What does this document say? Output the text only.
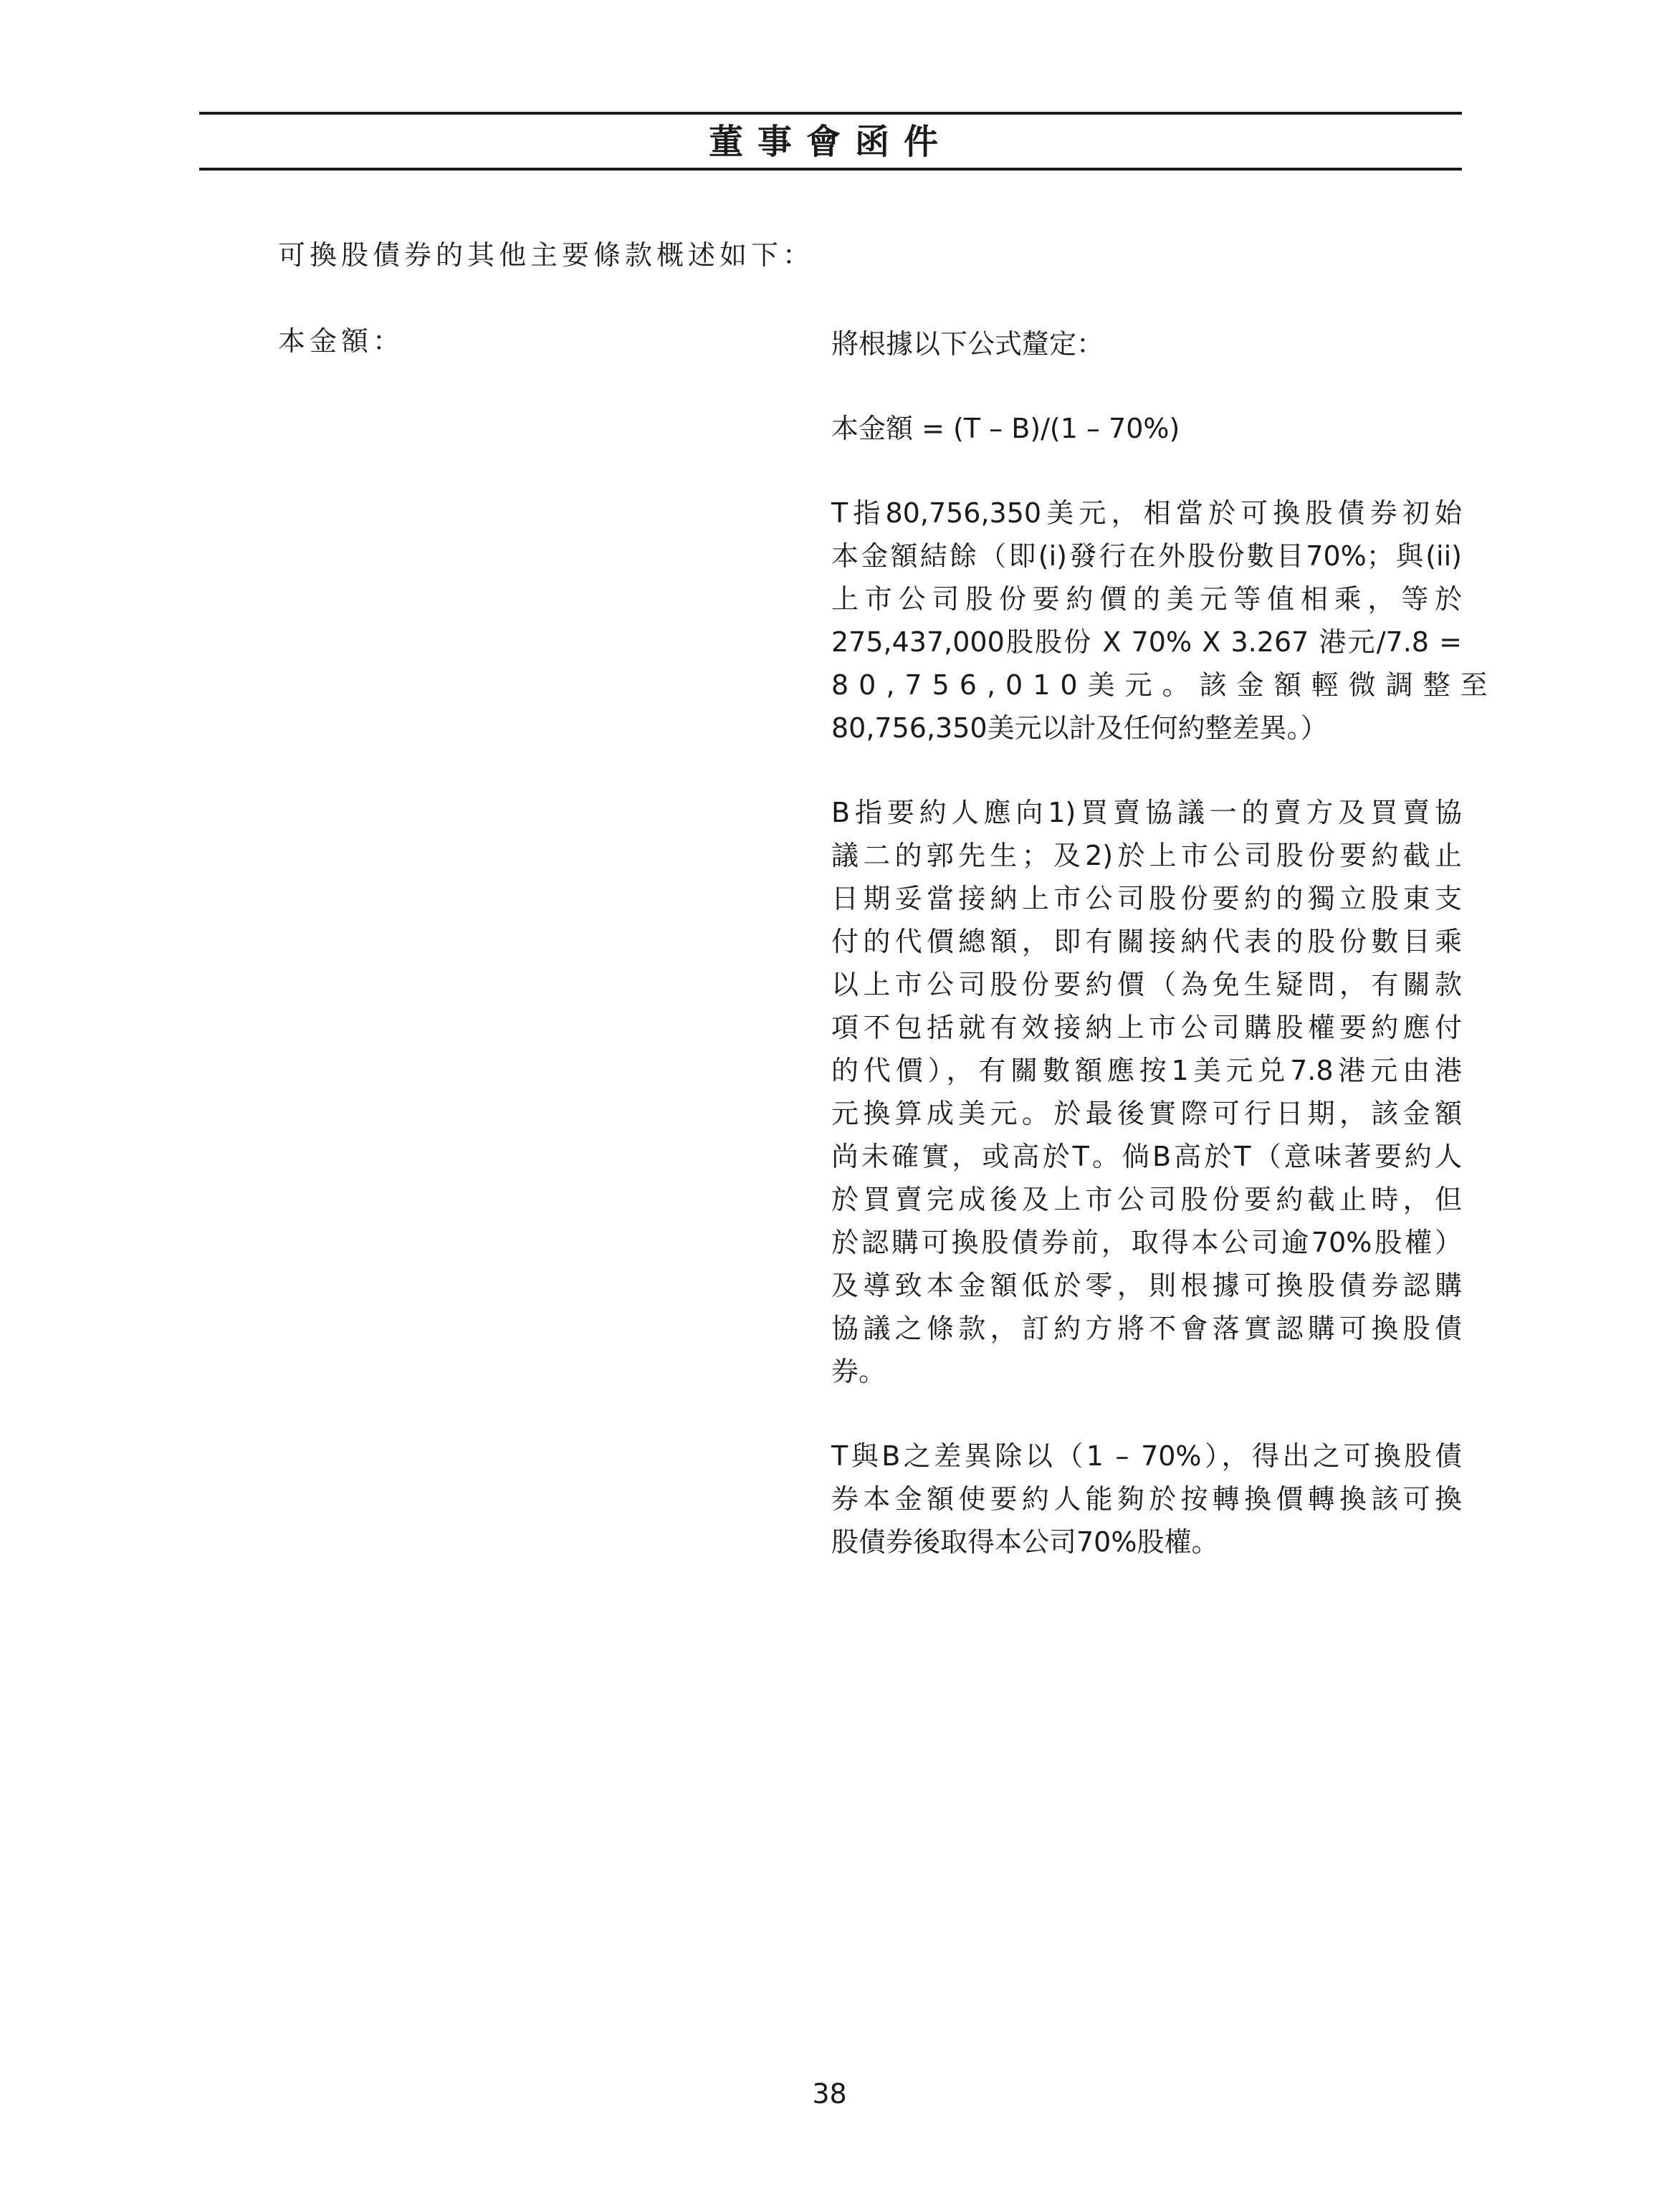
董事會函件
可換股債券的其他主要條款概述如下：
本金額：	將根據以下公式釐定：
本金額 = (T – B)/(1 – 70%)
T指80,756,350美元，相當於可換股債券初始
本金額結餘（即(i)發行在外股份數目70%；與(ii)
上市公司股份要約價的美元等值相乘，等於
275,437,000股股份 X 70% X 3.267 港元/7.8 =
80,756,010美元。該金額輕微調整至
80,756,350美元以計及任何約整差異。）
B指要約人應向1)買賣協議一的賣方及買賣協
議二的郭先生；及2)於上市公司股份要約截止
日期妥當接納上市公司股份要約的獨立股東支
付的代價總額，即有關接納代表的股份數目乘
以上市公司股份要約價（為免生疑問，有關款
項不包括就有效接納上市公司購股權要約應付
的代價），有關數額應按1美元兑7.8港元由港
元換算成美元。於最後實際可行日期，該金額
尚未確實，或高於T。倘B高於T（意味著要約人
於買賣完成後及上市公司股份要約截止時，但
於認購可換股債券前，取得本公司逾70%股權）
及導致本金額低於零，則根據可換股債券認購
協議之條款，訂約方將不會落實認購可換股債
券。
T與B之差異除以（1 – 70%），得出之可換股債
券本金額使要約人能夠於按轉換價轉換該可換
股債券後取得本公司70%股權。
38
